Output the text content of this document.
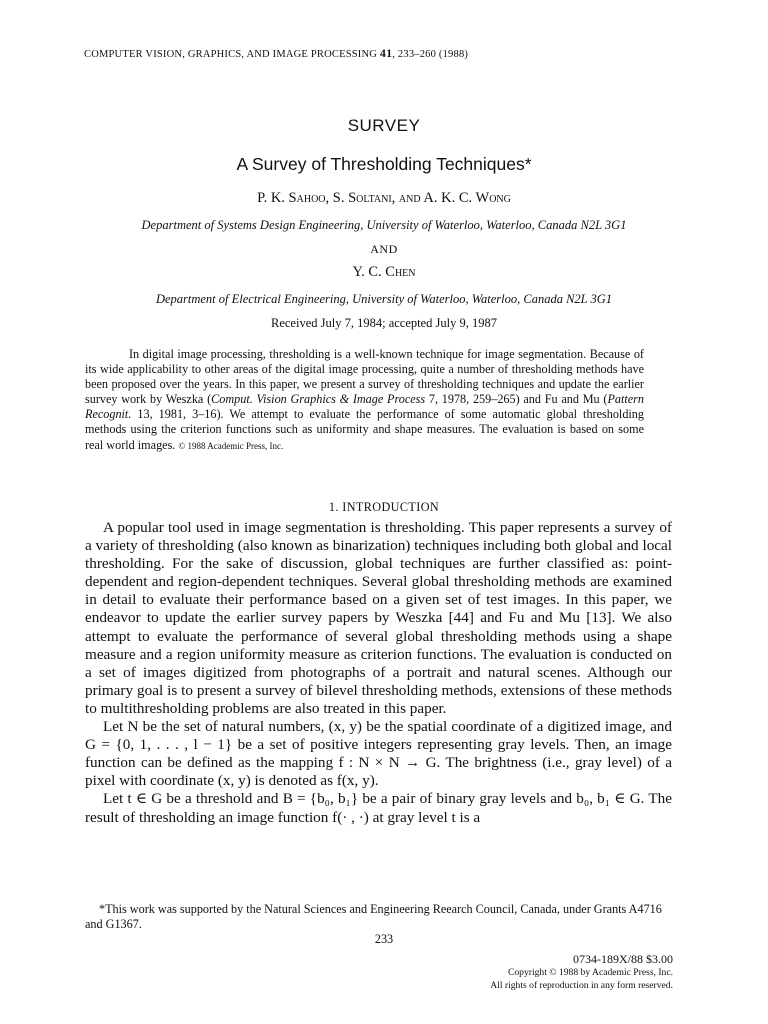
COMPUTER VISION, GRAPHICS, AND IMAGE PROCESSING 41, 233–260 (1988)
SURVEY
A Survey of Thresholding Techniques*
P. K. Sahoo, S. Soltani, and A. K. C. Wong
Department of Systems Design Engineering, University of Waterloo, Waterloo, Canada N2L 3G1
AND
Y. C. Chen
Department of Electrical Engineering, University of Waterloo, Waterloo, Canada N2L 3G1
Received July 7, 1984; accepted July 9, 1987
In digital image processing, thresholding is a well-known technique for image segmentation. Because of its wide applicability to other areas of the digital image processing, quite a number of thresholding methods have been proposed over the years. In this paper, we present a survey of thresholding techniques and update the earlier survey work by Weszka (Comput. Vision Graphics & Image Process 7, 1978, 259–265) and Fu and Mu (Pattern Recognit. 13, 1981, 3–16). We attempt to evaluate the performance of some automatic global thresholding methods using the criterion functions such as uniformity and shape measures. The evaluation is based on some real world images. © 1988 Academic Press, Inc.
1. INTRODUCTION

A popular tool used in image segmentation is thresholding. This paper represents a survey of a variety of thresholding (also known as binarization) techniques including both global and local thresholding. For the sake of discussion, global techniques are further classified as: point-dependent and region-dependent techniques. Several global thresholding methods are examined in detail to evaluate their performance based on a given set of test images. In this paper, we endeavor to update the earlier survey papers by Weszka [44] and Fu and Mu [13]. We also attempt to evaluate the performance of several global thresholding methods using a shape measure and a region uniformity measure as criterion functions. The evaluation is conducted on a set of images digitized from photographs of a portrait and natural scenes. Although our primary goal is to present a survey of bilevel thresholding methods, extensions of these methods to multithresholding problems are also treated in this paper.

Let N be the set of natural numbers, (x, y) be the spatial coordinate of a digitized image, and G = {0, 1, . . . , l − 1} be a set of positive integers representing gray levels. Then, an image function can be defined as the mapping f : N × N → G. The brightness (i.e., gray level) of a pixel with coordinate (x, y) is denoted as f(x, y).

Let t ∈ G be a threshold and B = {b₀, b₁} be a pair of binary gray levels and b₀, b₁ ∈ G. The result of thresholding an image function f(· , ·) at gray level t is a

*This work was supported by the Natural Sciences and Engineering Reearch Council, Canada, under Grants A4716 and G1367.
233
0734-189X/88 $3.00
Copyright © 1988 by Academic Press, Inc.
All rights of reproduction in any form reserved.
